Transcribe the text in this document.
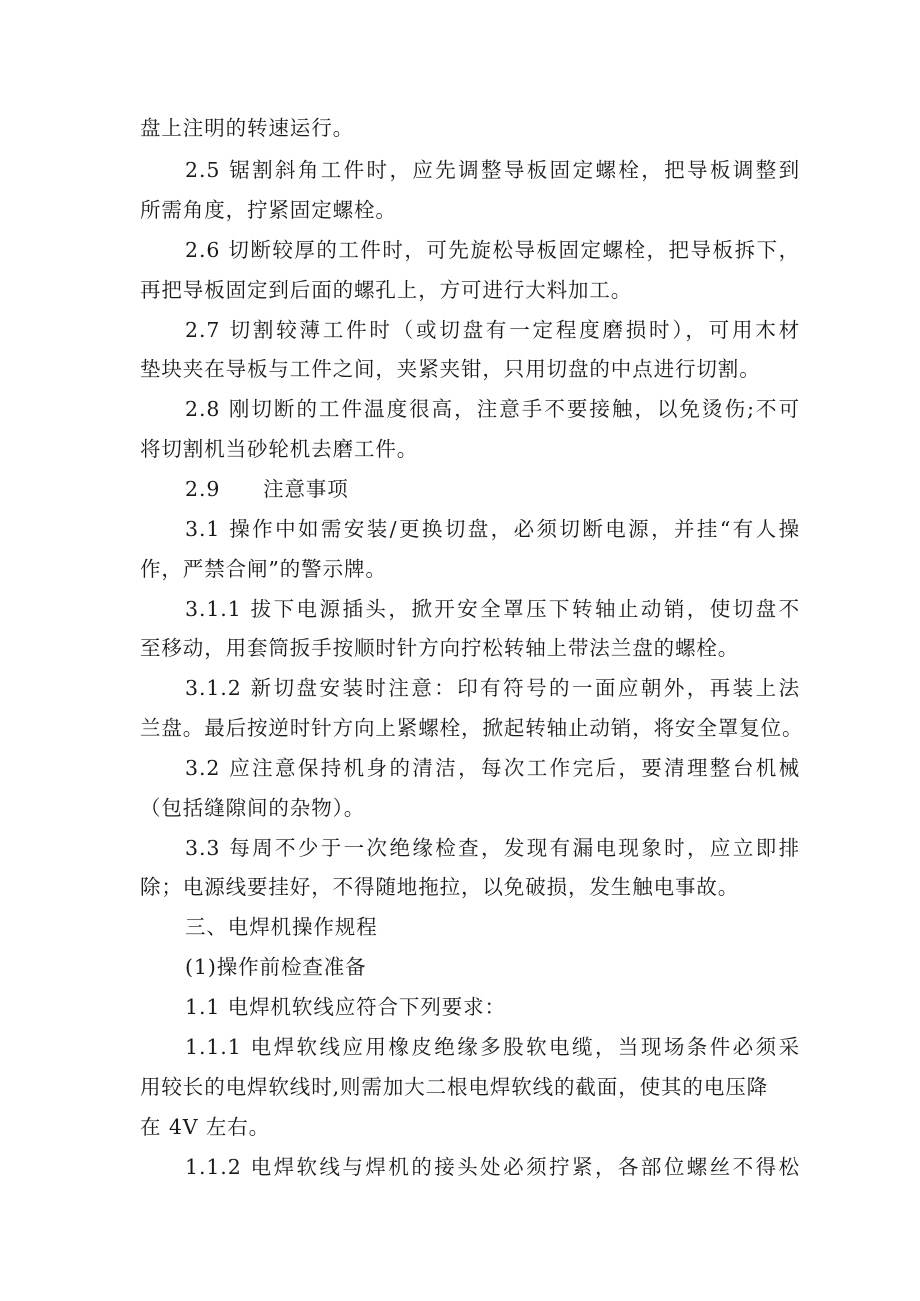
盘上注明的转速运行。

2.5 锯割斜角工件时，应先调整导板固定螺栓，把导板调整到

所需角度，拧紧固定螺栓。

2.6 切断较厚的工件时，可先旋松导板固定螺栓，把导板拆下，

再把导板固定到后面的螺孔上，方可进行大料加工。

2.7 切割较薄工件时（或切盘有一定程度磨损时），可用木材

垫块夹在导板与工件之间，夹紧夹钳，只用切盘的中点进行切割。

2.8 刚切断的工件温度很高，注意手不要接触，以免烫伤;不可

将切割机当砂轮机去磨工件。

2.9　　注意事项

3.1 操作中如需安装/更换切盘，必须切断电源，并挂“有人操

作，严禁合闸”的警示牌。

3.1.1 拔下电源插头，掀开安全罩压下转轴止动销，使切盘不

至移动，用套筒扳手按顺时针方向拧松转轴上带法兰盘的螺栓。

3.1.2 新切盘安装时注意：印有符号的一面应朝外，再装上法

兰盘。最后按逆时针方向上紧螺栓，掀起转轴止动销，将安全罩复位。

3.2 应注意保持机身的清洁，每次工作完后，要清理整台机械

（包括缝隙间的杂物）。

3.3 每周不少于一次绝缘检查，发现有漏电现象时，应立即排

除；电源线要挂好，不得随地拖拉，以免破损，发生触电事故。

三、电焊机操作规程

(1)操作前检查准备

1.1 电焊机软线应符合下列要求：

1.1.1 电焊软线应用橡皮绝缘多股软电缆，当现场条件必须采

用较长的电焊软线时,则需加大二根电焊软线的截面，使其的电压降

在 4V 左右。

1.1.2 电焊软线与焊机的接头处必须拧紧，各部位螺丝不得松
